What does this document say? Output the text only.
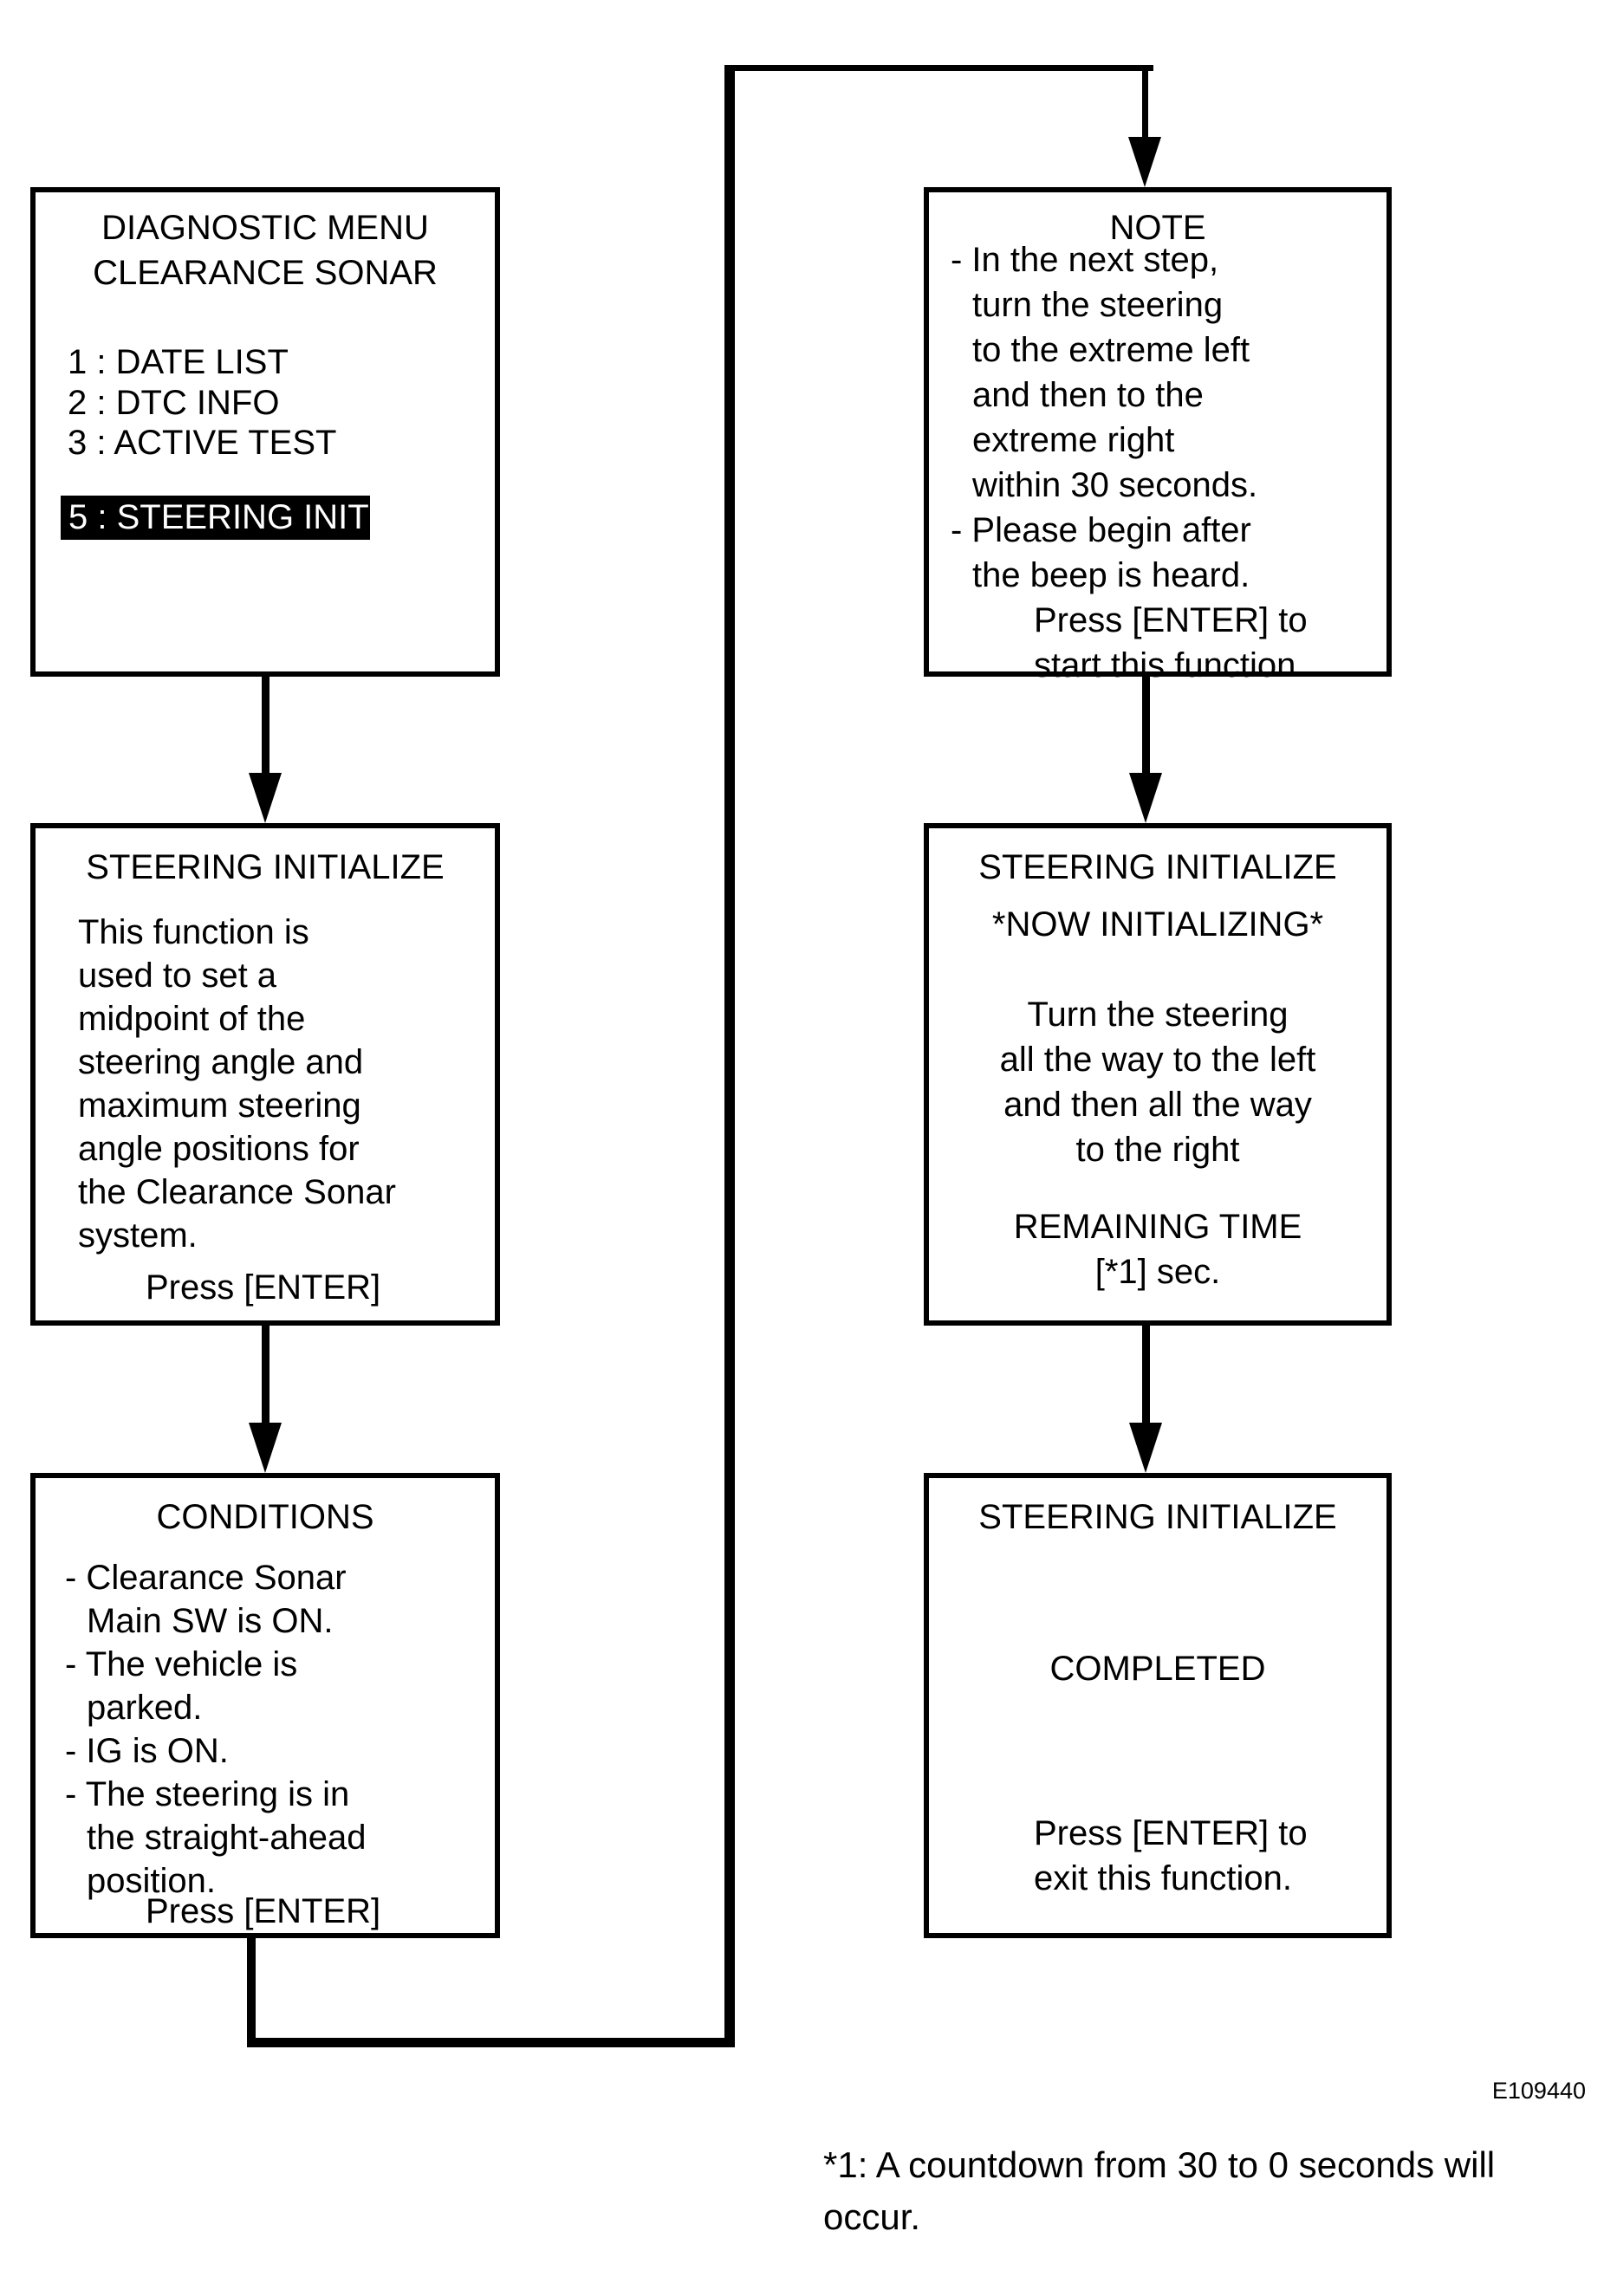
DIAGNOSTIC MENU
CLEARANCE SONAR
1 : DATE LIST
2 : DTC INFO
3 : ACTIVE TEST
5 : STEERING INIT
STEERING INITIALIZE
This function is
used to set a
midpoint of the
steering angle and
maximum steering
angle positions for
the Clearance Sonar
system.
Press [ENTER]
CONDITIONS
- Clearance Sonar
Main SW is ON.
- The vehicle is
parked.
- IG is ON.
- The steering is in
the straight-ahead
position.
Press [ENTER]
NOTE
- In the next step,
turn the steering
to the extreme left
and then to the
extreme right
within 30 seconds.
- Please begin after
the beep is heard.
Press [ENTER] to
start this function.
STEERING INITIALIZE
*NOW INITIALIZING*
Turn the steering
all the way to the left
and then all the way
to the right
REMAINING TIME
[*1] sec.
STEERING INITIALIZE
COMPLETED
Press [ENTER] to
exit this function.
E109440
*1: A countdown from 30 to 0 seconds will
occur.
